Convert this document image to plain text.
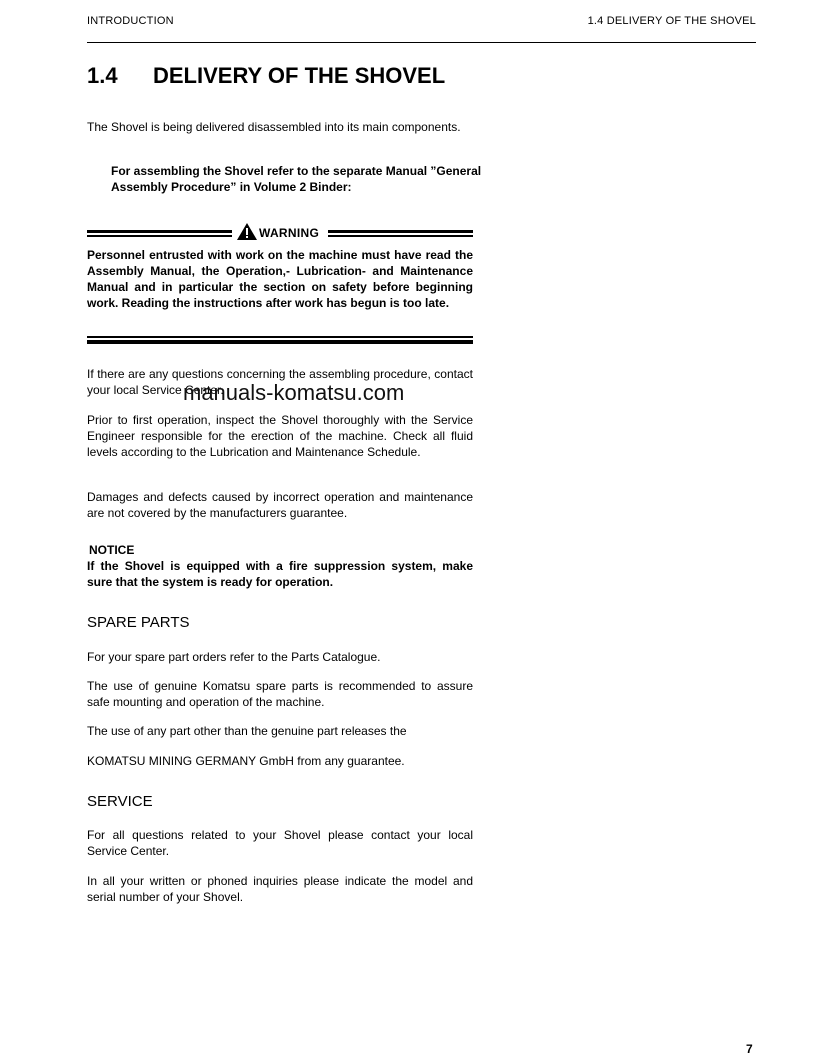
INTRODUCTION	1.4 DELIVERY OF THE SHOVEL
1.4 DELIVERY OF THE SHOVEL

The Shovel is being delivered disassembled into its main components.

For assembling the Shovel refer to the separate Manual ”General Assembly Procedure” in Volume 2 Binder:

WARNING

Personnel entrusted with work on the machine must have read the Assembly Manual, the Operation,- Lubrication- and Maintenance Manual and in particular the section on safety before beginning work. Reading the instructions after work has begun is too late.

If there are any questions concerning the assembling procedure, contact your local Service Center.

manuals-komatsu.com

Prior to first operation, inspect the Shovel thoroughly with the Service Engineer responsible for the erection of the machine. Check all fluid levels according to the Lubrication and Maintenance Schedule.

Damages and defects caused by incorrect operation and maintenance are not covered by the manufacturers guarantee.

NOTICE

If the Shovel is equipped with a fire suppression system, make sure that the system is ready for operation.

SPARE PARTS

For your spare part orders refer to the Parts Catalogue.

The use of genuine Komatsu spare parts is recommended to assure safe mounting and operation of the machine.

The use of any part other than the genuine part releases the

KOMATSU MINING GERMANY GmbH from any guarantee.

SERVICE

For all questions related to your Shovel please contact your local Service Center.

In all your written or phoned inquiries please indicate the model and serial number of your Shovel.

7
